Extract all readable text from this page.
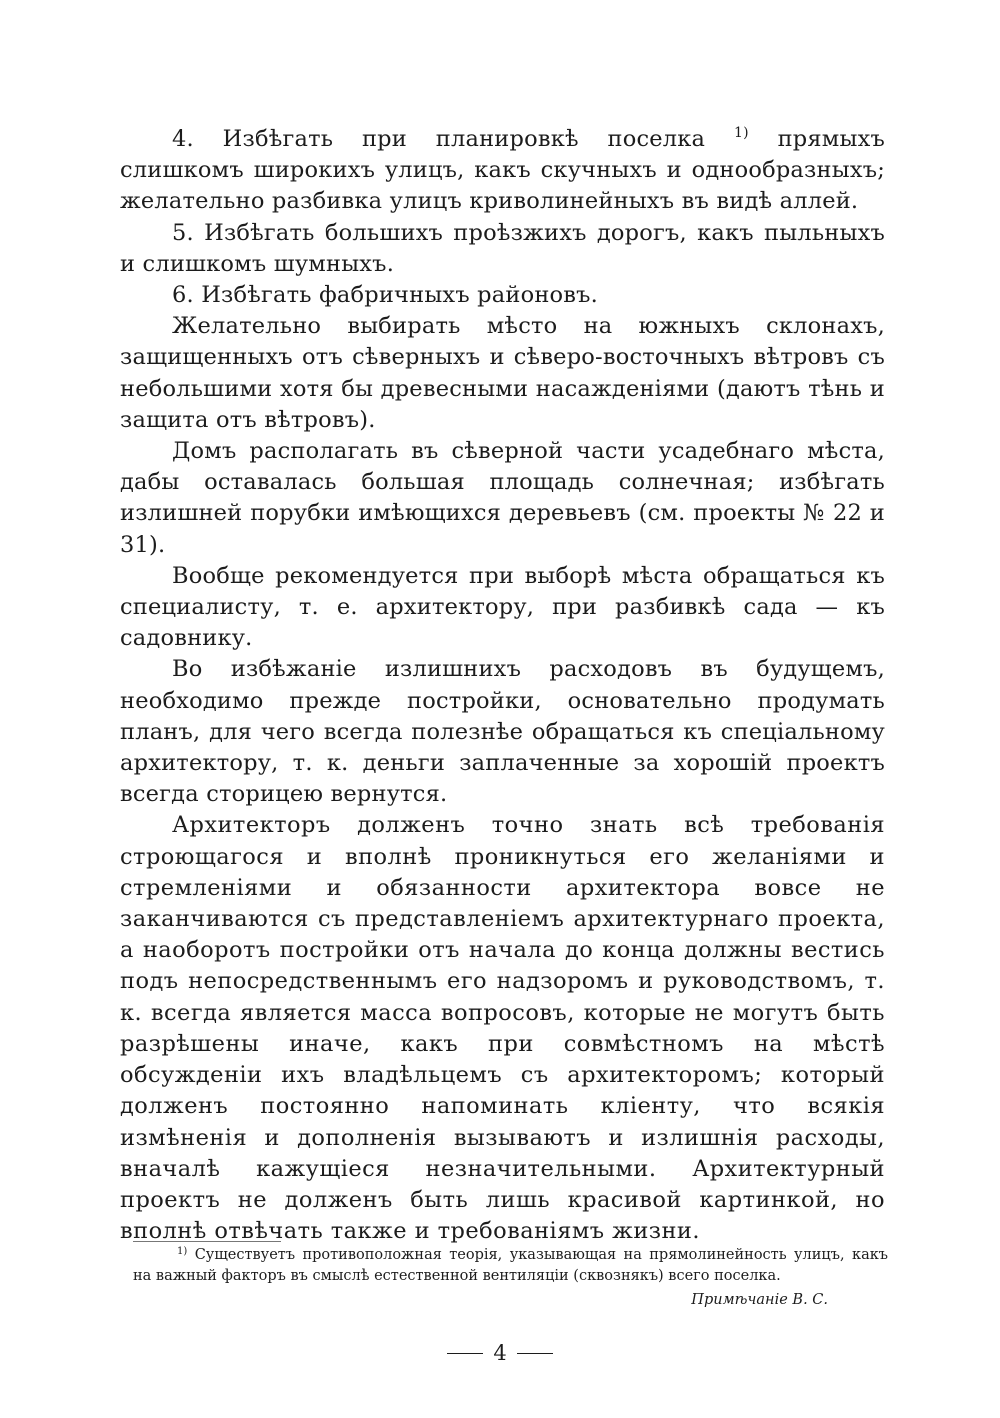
4. Избѣгать при планировкѣ поселка $^{1)}$ прямыхъ слишкомъ широкихъ улицъ, какъ скучныхъ и однообразныхъ; желательно разбивка улицъ криволинейныхъ въ видѣ аллей.

5. Избѣгать большихъ проѣзжихъ дорогъ, какъ пыльныхъ и слишкомъ шумныхъ.

6. Избѣгать фабричныхъ районовъ.

Желательно выбирать мѣсто на южныхъ склонахъ, защищенныхъ отъ сѣверныхъ и сѣверо-восточныхъ вѣтровъ съ небольшими хотя бы древесными насажденіями (даютъ тѣнь и защита отъ вѣтровъ).

Домъ располагать въ сѣверной части усадебнаго мѣста, дабы оставалась большая площадь солнечная; избѣгать излишней порубки имѣющихся деревьевъ (см. проекты № 22 и 31).

Вообще рекомендуется при выборѣ мѣста обращаться къ специалисту, т. е. архитектору, при разбивкѣ сада — къ садовнику.

Во избѣжаніе излишнихъ расходовъ въ будущемъ, необходимо прежде постройки, основательно продумать планъ, для чего всегда полезнѣе обращаться къ спеціальному архитектору, т. к. деньги заплаченные за хорошій проектъ всегда сторицею вернутся.

Архитекторъ долженъ точно знать всѣ требованія строющагося и вполнѣ проникнуться его желаніями и стремленіями и обязанности архитектора вовсе не заканчиваются съ представленіемъ архитектурнаго проекта, а наоборотъ постройки отъ начала до конца должны вестись подъ непосредственнымъ его надзоромъ и руководствомъ, т. к. всегда является масса вопросовъ, которые не могутъ быть разрѣшены иначе, какъ при совмѣстномъ на мѣстѣ обсужденіи ихъ владѣльцемъ съ архитекторомъ; который долженъ постоянно напоминать кліенту, что всякія измѣненія и дополненія вызываютъ и излишнія расходы, вначалѣ кажущіеся незначительными. Архитектурный проектъ не долженъ быть лишь красивой картинкой, но вполнѣ отвѣчать также и требованіямъ жизни.

$^{1)}$ Существуетъ противоположная теорія, указывающая на прямолинейность улицъ, какъ на важный факторъ въ смыслѣ естественной вентиляціи (сквознякъ) всего поселка.

Примѣчаніе В. С.
4
